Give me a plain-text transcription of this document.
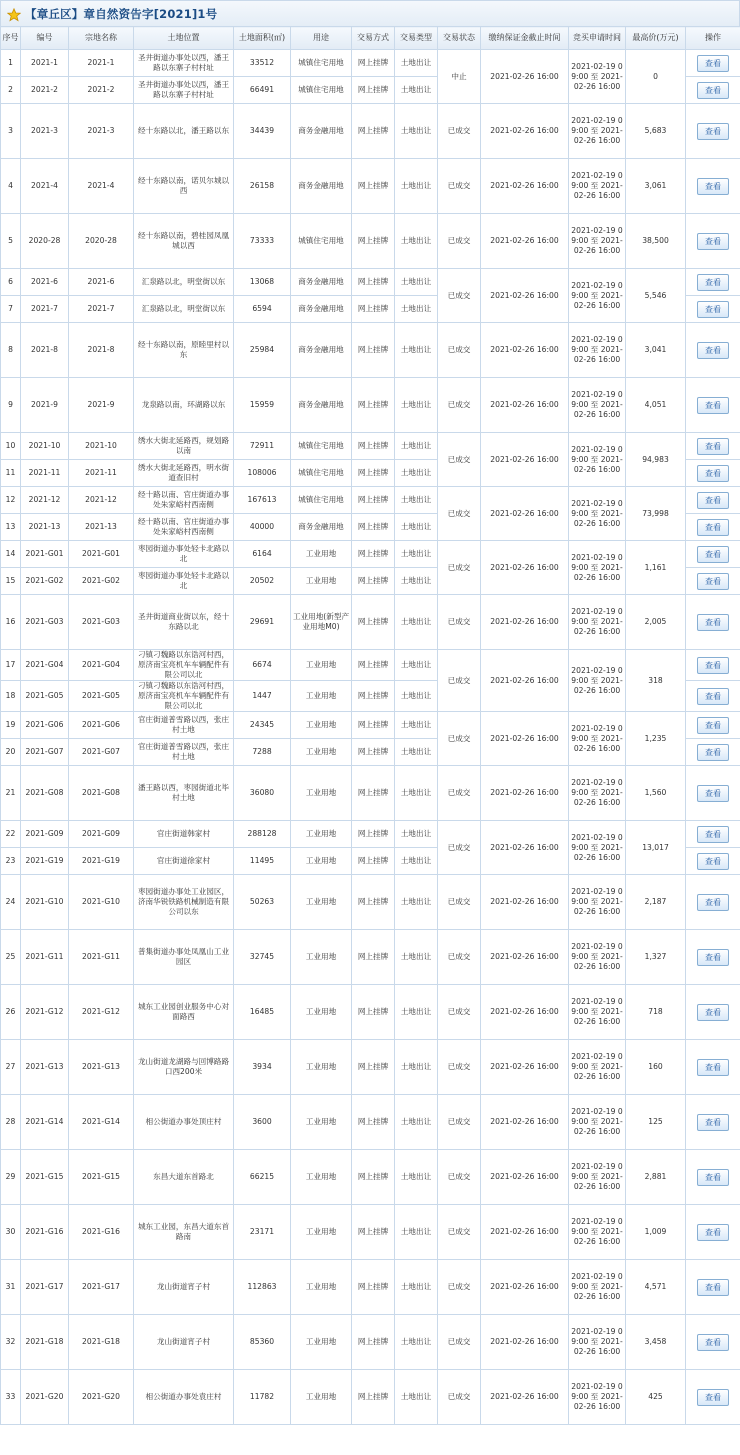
【章丘区】章自然资告字[2021]1号
序号	编号	宗地名称	土地位置	土地面积(㎡)	用途	交易方式	交易类型	交易状态	缴纳保证金截止时间	竞买申请时间	最高价(万元)	操作
1	2021-1	2021-1	圣井街道办事处以西，潘王路以东寨子村村址	33512	城镇住宅用地	网上挂牌	土地出让	中止	2021-02-26 16:00	2021-02-19 09:00 至 2021-02-26 16:00	0	查看
2	2021-2	2021-2	圣井街道办事处以西，潘王路以东寨子村村址	66491	城镇住宅用地	网上挂牌	土地出让					查看
3	2021-3	2021-3	经十东路以北，潘王路以东	34439	商务金融用地	网上挂牌	土地出让	已成交	2021-02-26 16:00	2021-02-19 09:00 至 2021-02-26 16:00	5,683	查看
4	2021-4	2021-4	经十东路以南，诺贝尔城以西	26158	商务金融用地	网上挂牌	土地出让	已成交	2021-02-26 16:00	2021-02-19 09:00 至 2021-02-26 16:00	3,061	查看
5	2020-28	2020-28	经十东路以南，碧桂园凤凰城以西	73333	城镇住宅用地	网上挂牌	土地出让	已成交	2021-02-26 16:00	2021-02-19 09:00 至 2021-02-26 16:00	38,500	查看
6	2021-6	2021-6	汇泉路以北，明堂街以东	13068	商务金融用地	网上挂牌	土地出让	已成交	2021-02-26 16:00	2021-02-19 09:00 至 2021-02-26 16:00	5,546	查看
7	2021-7	2021-7	汇泉路以北，明堂街以东	6594	商务金融用地	网上挂牌	土地出让					查看
8	2021-8	2021-8	经十东路以南，原睦里村以东	25984	商务金融用地	网上挂牌	土地出让	已成交	2021-02-26 16:00	2021-02-19 09:00 至 2021-02-26 16:00	3,041	查看
9	2021-9	2021-9	龙泉路以南，环湖路以东	15959	商务金融用地	网上挂牌	土地出让	已成交	2021-02-26 16:00	2021-02-19 09:00 至 2021-02-26 16:00	4,051	查看
10	2021-10	2021-10	绣水大街北延路西，规划路以南	72911	城镇住宅用地	网上挂牌	土地出让	已成交	2021-02-26 16:00	2021-02-19 09:00 至 2021-02-26 16:00	94,983	查看
11	2021-11	2021-11	绣水大街北延路西，明水街道查旧村	108006	城镇住宅用地	网上挂牌	土地出让					查看
12	2021-12	2021-12	经十路以南、官庄街道办事处朱家峪村西南侧	167613	城镇住宅用地	网上挂牌	土地出让	已成交	2021-02-26 16:00	2021-02-19 09:00 至 2021-02-26 16:00	73,998	查看
13	2021-13	2021-13	经十路以南、官庄街道办事处朱家峪村西南侧	40000	商务金融用地	网上挂牌	土地出让					查看
14	2021-G01	2021-G01	枣园街道办事处轻卡北路以北	6164	工业用地	网上挂牌	土地出让	已成交	2021-02-26 16:00	2021-02-19 09:00 至 2021-02-26 16:00	1,161	查看
15	2021-G02	2021-G02	枣园街道办事处轻卡北路以北	20502	工业用地	网上挂牌	土地出让					查看
16	2021-G03	2021-G03	圣井街道商业街以东，经十东路以北	29691	工业用地(新型产业用地M0)	网上挂牌	土地出让	已成交	2021-02-26 16:00	2021-02-19 09:00 至 2021-02-26 16:00	2,005	查看
17	2021-G04	2021-G04	刁镇刁魏路以东诰河村西，原济南宝亮机车车辆配件有限公司以北	6674	工业用地	网上挂牌	土地出让	已成交	2021-02-26 16:00	2021-02-19 09:00 至 2021-02-26 16:00	318	查看
18	2021-G05	2021-G05	刁镇刁魏路以东诰河村西，原济南宝亮机车车辆配件有限公司以北	1447	工业用地	网上挂牌	土地出让					查看
19	2021-G06	2021-G06	官庄街道普雪路以西，张庄村土地	24345	工业用地	网上挂牌	土地出让	已成交	2021-02-26 16:00	2021-02-19 09:00 至 2021-02-26 16:00	1,235	查看
20	2021-G07	2021-G07	官庄街道普雪路以西，张庄村土地	7288	工业用地	网上挂牌	土地出让					查看
21	2021-G08	2021-G08	潘王路以西，枣园街道北毕村土地	36080	工业用地	网上挂牌	土地出让	已成交	2021-02-26 16:00	2021-02-19 09:00 至 2021-02-26 16:00	1,560	查看
22	2021-G09	2021-G09	官庄街道韩家村	288128	工业用地	网上挂牌	土地出让	已成交	2021-02-26 16:00	2021-02-19 09:00 至 2021-02-26 16:00	13,017	查看
23	2021-G19	2021-G19	官庄街道徐家村	11495	工业用地	网上挂牌	土地出让					查看
24	2021-G10	2021-G10	枣园街道办事处工业园区，济南华锐铁路机械制造有限公司以东	50263	工业用地	网上挂牌	土地出让	已成交	2021-02-26 16:00	2021-02-19 09:00 至 2021-02-26 16:00	2,187	查看
25	2021-G11	2021-G11	普集街道办事处凤凰山工业园区	32745	工业用地	网上挂牌	土地出让	已成交	2021-02-26 16:00	2021-02-19 09:00 至 2021-02-26 16:00	1,327	查看
26	2021-G12	2021-G12	城东工业园创业服务中心对面路西	16485	工业用地	网上挂牌	土地出让	已成交	2021-02-26 16:00	2021-02-19 09:00 至 2021-02-26 16:00	718	查看
27	2021-G13	2021-G13	龙山街道龙湖路与回博路路口西200米	3934	工业用地	网上挂牌	土地出让	已成交	2021-02-26 16:00	2021-02-19 09:00 至 2021-02-26 16:00	160	查看
28	2021-G14	2021-G14	相公街道办事处顶庄村	3600	工业用地	网上挂牌	土地出让	已成交	2021-02-26 16:00	2021-02-19 09:00 至 2021-02-26 16:00	125	查看
29	2021-G15	2021-G15	东昌大道东首路北	66215	工业用地	网上挂牌	土地出让	已成交	2021-02-26 16:00	2021-02-19 09:00 至 2021-02-26 16:00	2,881	查看
30	2021-G16	2021-G16	城东工业园，东昌大道东首路南	23171	工业用地	网上挂牌	土地出让	已成交	2021-02-26 16:00	2021-02-19 09:00 至 2021-02-26 16:00	1,009	查看
31	2021-G17	2021-G17	龙山街道宵子村	112863	工业用地	网上挂牌	土地出让	已成交	2021-02-26 16:00	2021-02-19 09:00 至 2021-02-26 16:00	4,571	查看
32	2021-G18	2021-G18	龙山街道宵子村	85360	工业用地	网上挂牌	土地出让	已成交	2021-02-26 16:00	2021-02-19 09:00 至 2021-02-26 16:00	3,458	查看
33	2021-G20	2021-G20	相公街道办事处袁庄村	11782	工业用地	网上挂牌	土地出让	已成交	2021-02-26 16:00	2021-02-19 09:00 至 2021-02-26 16:00	425	查看
